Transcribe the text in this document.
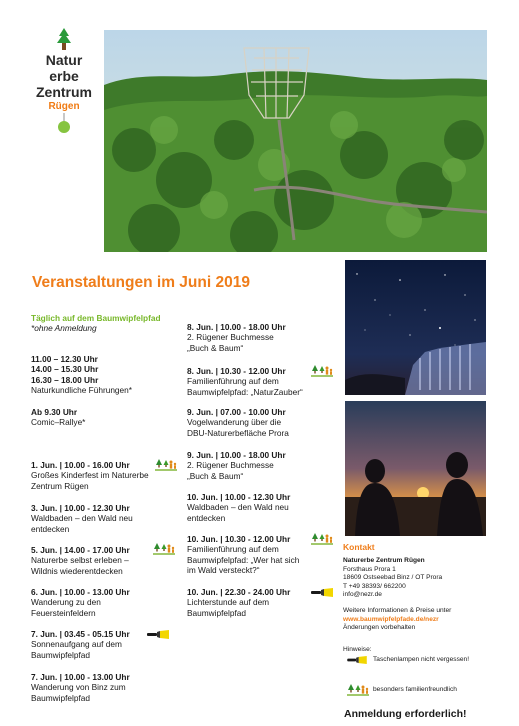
Natur
erbe
Zentrum
Rügen
Veranstaltungen im Juni 2019
Täglich auf dem Baumwipfelpfad
*ohne Anmeldung
11.00 – 12.30 Uhr
14.00 – 15.30 Uhr
16.30 – 18.00 Uhr
Naturkundliche Führungen*
Ab 9.30 Uhr
Comic–Rallye*
1. Jun. | 10.00 - 16.00 Uhr
Großes Kinderfest im Naturerbe
Zentrum Rügen
3. Jun. | 10.00 - 12.30 Uhr
Waldbaden – den Wald neu
entdecken
5. Jun. | 14.00 - 17.00 Uhr
Naturerbe selbst erleben –
Wildnis wiederentdecken
6. Jun. | 10.00 - 13.00 Uhr
Wanderung zu den
Feuersteinfeldern
7. Jun. | 03.45 - 05.15 Uhr
Sonnenaufgang auf dem
Baumwipfelpfad
7. Jun. | 10.00 - 13.00 Uhr
Wanderung von Binz zum
Baumwipfelpfad
8. Jun. | 10.00 - 18.00 Uhr
2. Rügener Buchmesse
„Buch & Baum“
8. Jun. | 10.30 - 12.00 Uhr
Familienführung auf dem
Baumwipfelpfad: „NaturZauber“
9. Jun. | 07.00 - 10.00 Uhr
Vogelwanderung über die
DBU-Naturerbefläche Prora
9. Jun. | 10.00 - 18.00 Uhr
2. Rügener Buchmesse
„Buch & Baum“
10. Jun. | 10.00 - 12.30 Uhr
Waldbaden – den Wald neu
entdecken
10. Jun. | 10.30 - 12.00 Uhr
Familienführung auf dem
Baumwipfelpfad: „Wer hat sich
im Wald versteckt?“
10. Jun. | 22.30 - 24.00 Uhr
Lichterstunde auf dem
Baumwipfelpfad
Kontakt
Naturerbe Zentrum Rügen
Forsthaus Prora 1
18609 Ostseebad Binz / OT Prora
T +49 38393/ 662200
info@nezr.de
Weitere Informationen & Preise unter
www.baumwipfelpfade.de/nezr
Änderungen vorbehalten
Hinweise:
Taschenlampen nicht vergessen!
besonders familienfreundlich
Anmeldung erforderlich!
